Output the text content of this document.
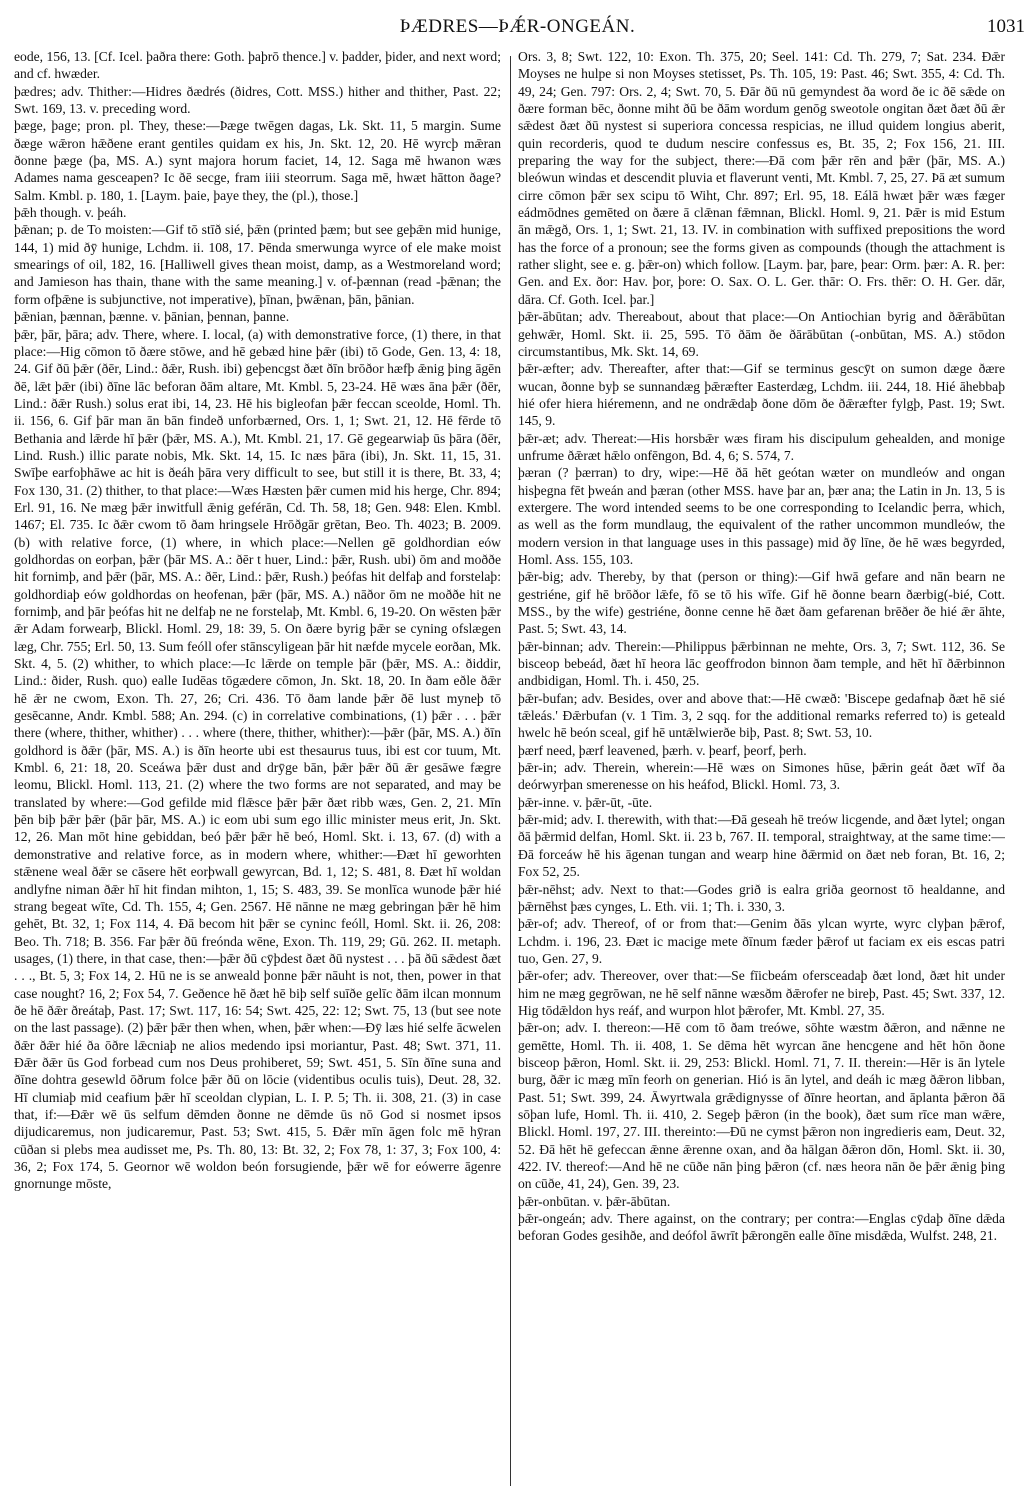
ÞÆDRES—ÞǼR-ONGEÁN.	1031

eode, 156, 13. [Cf. Icel. þaðra there: Goth. þaþrō thence.] v. þadder, þider, and next word; and cf. hwæder.

þædres; adv. Thither:—Hidres ðædrés (ðidres, Cott. MSS.) hither and thither, Past. 22; Swt. 169, 13. v. preceding word.

þæge, þage; pron. pl. They, these:—Þæge twēgen dagas, Lk. Skt. 11, 5 margin. Sume ðæge wǣron hǣðene erant gentiles quidam ex his, Jn. Skt. 12, 20. Hē wyrcþ mǣran ðonne þæge (þa, MS. A.) synt majora horum faciet, 14, 12. Saga mē hwanon wæs Adames nama gesceapen? Ic ðē secge, fram iiii steorrum. Saga mē, hwæt hātton ðage? Salm. Kmbl. p. 180, 1. [Laym. þaie, þaye they, the (pl.), those.]

þǣh though. v. þeáh.

þǣnan; p. de To moisten:—Gif tō stīð sié, þǣn (printed þæm; but see geþǣn mid hunige, 144, 1) mid ðȳ hunige, Lchdm. ii. 108, 17. Þēnda smerwunga wyrce of ele make moist smearings of oil, 182, 16. [Halliwell gives thean moist, damp, as a Westmoreland word; and Jamieson has thain, thane with the same meaning.] v. of-þænnan (read -þǣnan; the form ofþǣne is subjunctive, not imperative), þīnan, þwǣnan, þān, þānian.

þǣnian, þænnan, þænne. v. þānian, þennan, þanne.

þǣr, þār, þāra; adv. There, where. I. local, (a) with demonstrative force, (1) there, in that place:—Hig cōmon tō ðære stōwe, and hē gebæd hine þǣr (ibi) tō Gode, Gen. 13, 4: 18, 24. Gif ðū þǣr (ðēr, Lind.: ðǣr, Rush. ibi) geþencgst ðæt ðīn brōðor hæfþ ǣnig þing āgēn ðē, lǣt þǣr (ibi) ðīne lāc beforan ðām altare, Mt. Kmbl. 5, 23-24. Hē wæs āna þǣr (ðēr, Lind.: ðǣr Rush.) solus erat ibi, 14, 23. Hē his bigleofan þǣr feccan sceolde, Homl. Th. ii. 156, 6. Gif þār man ān bān findeð unforbærned, Ors. 1, 1; Swt. 21, 12. Hē fērde tō Bethania and lǣrde hī þǣr (þǣr, MS. A.), Mt. Kmbl. 21, 17. Gē gegearwiaþ ūs þāra (ðēr, Lind. Rush.) illic parate nobis, Mk. Skt. 14, 15. Ic næs þāra (ibi), Jn. Skt. 11, 15, 31. Swīþe earfoþhāwe ac hit is ðeáh þāra very difficult to see, but still it is there, Bt. 33, 4; Fox 130, 31. (2) thither, to that place:—Wæs Hæsten þǣr cumen mid his herge, Chr. 894; Erl. 91, 16. Ne mæg þǣr inwitfull ǣnig geférān, Cd. Th. 58, 18; Gen. 948: Elen. Kmbl. 1467; El. 735. Ic ðǣr cwom tō ðam hringsele Hrōðgār grētan, Beo. Th. 4023; B. 2009. (b) with relative force, (1) where, in which place:—Nellen gē goldhordian eów goldhordas on eorþan, þǣr (þār MS. A.: ðēr t huer, Lind.: þǣr, Rush. ubi) ōm and moððe hit fornimþ, and þǣr (þār, MS. A.: ðēr, Lind.: þǣr, Rush.) þeófas hit delfaþ and forstelaþ: goldhordiaþ eów goldhordas on heofenan, þǣr (þār, MS. A.) nāðor ōm ne moððe hit ne fornimþ, and þār þeófas hit ne delfaþ ne ne forstelaþ, Mt. Kmbl. 6, 19-20. On wēsten þǣr ǣr Adam forwearþ, Blickl. Homl. 29, 18: 39, 5. On ðære byrig þǣr se cyning ofslægen læg, Chr. 755; Erl. 50, 13. Sum feóll ofer stānscyligean þār hit næfde mycele eorðan, Mk. Skt. 4, 5. (2) whither, to which place:—Ic lǣrde on temple þār (þǣr, MS. A.: ðiddir, Lind.: ðider, Rush. quo) ealle Iudēas tōgædere cōmon, Jn. Skt. 18, 20. In ðam eðle ðǣr hē ǣr ne cwom, Exon. Th. 27, 26; Cri. 436. Tō ðam lande þǣr ðē lust myneþ tō gesēcanne, Andr. Kmbl. 588; An. 294. (c) in correlative combinations, (1) þǣr . . . þǣr there (where, thither, whither) . . . where (there, thither, whither):—þǣr (þār, MS. A.) ðīn goldhord is ðǣr (þār, MS. A.) is ðīn heorte ubi est thesaurus tuus, ibi est cor tuum, Mt. Kmbl. 6, 21: 18, 20. Sceáwa þǣr dust and drȳge bān, þǣr þǣr ðū ǣr gesāwe fægre leomu, Blickl. Homl. 113, 21. (2) where the two forms are not separated, and may be translated by where:—God gefilde mid flǣsce þǣr þǣr ðæt ribb wæs, Gen. 2, 21. Mīn þēn biþ þǣr þǣr (þār þār, MS. A.) ic eom ubi sum ego illic minister meus erit, Jn. Skt. 12, 26. Man mōt hine gebiddan, beó þǣr þǣr hē beó, Homl. Skt. i. 13, 67. (d) with a demonstrative and relative force, as in modern where, whither:—Ðæt hī geworhten stǣnene weal ðǣr se cāsere hēt eorþwall gewyrcan, Bd. 1, 12; S. 481, 8. Ðæt hī woldan andlyfne niman ðǣr hī hit findan mihton, 1, 15; S. 483, 39. Se monlīca wunode þǣr hié strang begeat wīte, Cd. Th. 155, 4; Gen. 2567. Hē nānne ne mæg gebringan þǣr hē him gehēt, Bt. 32, 1; Fox 114, 4. Ðā becom hit þǣr se cyninc feóll, Homl. Skt. ii. 26, 208: Beo. Th. 718; B. 356. Far þǣr ðū freónda wēne, Exon. Th. 119, 29; Gū. 262. II. metaph. usages, (1) there, in that case, then:—þǣr ðū cȳþdest ðæt ðū nystest . . . þā ðū sǣdest ðæt . . ., Bt. 5, 3; Fox 14, 2. Hū ne is se anweald þonne þǣr nāuht is not, then, power in that case nought? 16, 2; Fox 54, 7. Geðence hē ðæt hē biþ self suīðe gelīc ðām ilcan monnum ðe hē ðǣr ðreátaþ, Past. 17; Swt. 117, 16: 54; Swt. 425, 22: 12; Swt. 75, 13 (but see note on the last passage). (2) þǣr þǣr then when, when, þǣr when:—Ðȳ læs hié selfe ācwelen ðǣr ðǣr hié ða ōðre lǣcniaþ ne alios medendo ipsi moriantur, Past. 48; Swt. 371, 11. Ðǣr ðǣr ūs God forbead cum nos Deus prohiberet, 59; Swt. 451, 5. Sīn ðīne suna and ðīne dohtra gesewld ōðrum folce þǣr ðū on lōcie (videntibus oculis tuis), Deut. 28, 32. Hī clumiaþ mid ceafium þǣr hī sceoldan clypian, L. I. P. 5; Th. ii. 308, 21. (3) in case that, if:—Ðǣr wē ūs selfum dēmden ðonne ne dēmde ūs nō God si nosmet ipsos dijudicaremus, non judicaremur, Past. 53; Swt. 415, 5. Ðǣr mīn āgen folc mē hȳran cūðan si plebs mea audisset me, Ps. Th. 80, 13: Bt. 32, 2; Fox 78, 1: 37, 3; Fox 100, 4: 36, 2; Fox 174, 5. Geornor wē woldon beón forsugiende, þǣr wē for eówerre āgenre gnornunge mōste,

Ors. 3, 8; Swt. 122, 10: Exon. Th. 375, 20; Seel. 141: Cd. Th. 279, 7; Sat. 234. Ðǣr Moyses ne hulpe si non Moyses stetisset, Ps. Th. 105, 19: Past. 46; Swt. 355, 4: Cd. Th. 49, 24; Gen. 797: Ors. 2, 4; Swt. 70, 5. Ðār ðū nū gemyndest ða word ðe ic ðē sǣde on ðære forman bēc, ðonne miht ðū be ðām wordum genōg sweotole ongitan ðæt ðæt ðū ǣr sǣdest ðæt ðū nystest si superiora concessa respicias, ne illud quidem longius aberit, quin recorderis, quod te dudum nescire confessus es, Bt. 35, 2; Fox 156, 21. III. preparing the way for the subject, there:—Ðā com þǣr rēn and þǣr (þār, MS. A.) bleówun windas et descendit pluvia et flaverunt venti, Mt. Kmbl. 7, 25, 27. Þā æt sumum cirre cōmon þǣr sex scipu tō Wiht, Chr. 897; Erl. 95, 18. Eálā hwæt þǣr wæs fæger eádmōdnes gemēted on ðære ā clǣnan fǣmnan, Blickl. Homl. 9, 21. Þǣr is mid Estum ān mǣgð, Ors. 1, 1; Swt. 21, 13. IV. in combination with suffixed prepositions the word has the force of a pronoun; see the forms given as compounds (though the attachment is rather slight, see e. g. þǣr-on) which follow. [Laym. þar, þare, þear: Orm. þær: A. R. þer: Gen. and Ex. ðor: Hav. þor, þore: O. Sax. O. L. Ger. thār: O. Frs. thēr: O. H. Ger. dār, dāra. Cf. Goth. Icel. þar.]

þǣr-ābūtan; adv. Thereabout, about that place:—On Antiochian byrig and ðǣrābūtan gehwǣr, Homl. Skt. ii. 25, 595. Tō ðām ðe ðārābūtan (-onbūtan, MS. A.) stōdon circumstantibus, Mk. Skt. 14, 69.

þǣr-æfter; adv. Thereafter, after that:—Gif se terminus gescȳt on sumon dæge ðære wucan, ðonne byþ se sunnandæg þǣræfter Easterdæg, Lchdm. iii. 244, 18. Hié āhebbaþ hié ofer hiera hiéremenn, and ne ondrǣdaþ ðone dōm ðe ðǣræfter fylgþ, Past. 19; Swt. 145, 9.

þǣr-æt; adv. Thereat:—His horsbǣr wæs firam his discipulum gehealden, and monige unfrume ðǣræt hǣlo onfēngon, Bd. 4, 6; S. 574, 7.

þæran (? þærran) to dry, wipe:—Hē ðā hēt geótan wæter on mundleów and ongan hisþegna fēt þweán and þæran (other MSS. have þar an, þær ana; the Latin in Jn. 13, 5 is extergere. The word intended seems to be one corresponding to Icelandic þerra, which, as well as the form mundlaug, the equivalent of the rather uncommon mundleów, the modern version in that language uses in this passage) mid ðȳ līne, ðe hē wæs begyrded, Homl. Ass. 155, 103.

þǣr-big; adv. Thereby, by that (person or thing):—Gif hwā gefare and nān bearn ne gestriéne, gif hē brōðor lǣfe, fō se tō his wīfe. Gif hē ðonne bearn ðærbig(-bié, Cott. MSS., by the wife) gestriéne, ðonne cenne hē ðæt ðam gefarenan brēðer ðe hié ǣr āhte, Past. 5; Swt. 43, 14.

þǣr-binnan; adv. Therein:—Philippus þǣrbinnan ne mehte, Ors. 3, 7; Swt. 112, 36. Se bisceop bebeád, ðæt hī heora lāc geoffrodon binnon ðam temple, and hēt hī ðǣrbinnon andbidigan, Homl. Th. i. 450, 25.

þǣr-bufan; adv. Besides, over and above that:—Hē cwæð: 'Biscepe gedafnaþ ðæt hē sié tǣleás.' Ðǣrbufan (v. 1 Tim. 3, 2 sqq. for the additional remarks referred to) is geteald hwelc hē beón sceal, gif hē untǣlwierðe biþ, Past. 8; Swt. 53, 10.

þærf need, þærf leavened, þærh. v. þearf, þeorf, þerh.

þǣr-in; adv. Therein, wherein:—Hē wæs on Simones hūse, þǣrin geát ðæt wīf ða deórwyrþan smerenesse on his heáfod, Blickl. Homl. 73, 3.

þǣr-inne. v. þǣr-ūt, -ūte.

þǣr-mid; adv. I. therewith, with that:—Ðā geseah hē treów licgende, and ðæt lytel; ongan ðā þǣrmid delfan, Homl. Skt. ii. 23 b, 767. II. temporal, straightway, at the same time:—Ðā forceáw hē his āgenan tungan and wearp hine ðǣrmid on ðæt neb foran, Bt. 16, 2; Fox 52, 25.

þǣr-nēhst; adv. Next to that:—Godes grið is ealra griða geornost tō healdanne, and þǣrnēhst þæs cynges, L. Eth. vii. 1; Th. i. 330, 3.

þǣr-of; adv. Thereof, of or from that:—Genim ðās ylcan wyrte, wyrc clyþan þǣrof, Lchdm. i. 196, 23. Ðæt ic macige mete ðīnum fæder þǣrof ut faciam ex eis escas patri tuo, Gen. 27, 9.

þǣr-ofer; adv. Thereover, over that:—Se fīicbeám ofersceadaþ ðæt lond, ðæt hit under him ne mæg gegrōwan, ne hē self nānne wæsðm ðǣrofer ne bireþ, Past. 45; Swt. 337, 12. Hig tōdǣldon hys reáf, and wurpon hlot þǣrofer, Mt. Kmbl. 27, 35.

þǣr-on; adv. I. thereon:—Hē com tō ðam treówe, sōhte wæstm ðǣron, and nǣnne ne gemētte, Homl. Th. ii. 408, 1. Se dēma hēt wyrcan āne hencgene and hēt hōn ðone bisceop þǣron, Homl. Skt. ii. 29, 253: Blickl. Homl. 71, 7. II. therein:—Hēr is ān lytele burg, ðǣr ic mæg mīn feorh on generian. Hió is ān lytel, and deáh ic mæg ðǣron libban, Past. 51; Swt. 399, 24. Āwyrtwala grǣdignysse of ðīnre heortan, and āplanta þǣron ðā sōþan lufe, Homl. Th. ii. 410, 2. Segeþ þǣron (in the book), ðæt sum rīce man wǣre, Blickl. Homl. 197, 27. III. thereinto:—Ðū ne cymst þǣron non ingredieris eam, Deut. 32, 52. Ðā hēt hē gefeccan ǣnne ǣrenne oxan, and ða hālgan ðǣron dōn, Homl. Skt. ii. 30, 422. IV. thereof:—And hē ne cūðe nān þing þǣron (cf. næs heora nān ðe þǣr ǣnig þing on cūðe, 41, 24), Gen. 39, 23.

þǣr-onbūtan. v. þǣr-ābūtan.

þǣr-ongeán; adv. There against, on the contrary; per contra:—Englas cȳdaþ ðīne dǣda beforan Godes gesihðe, and deófol āwrīt þǣrongēn ealle ðīne misdǣda, Wulfst. 248, 21.
